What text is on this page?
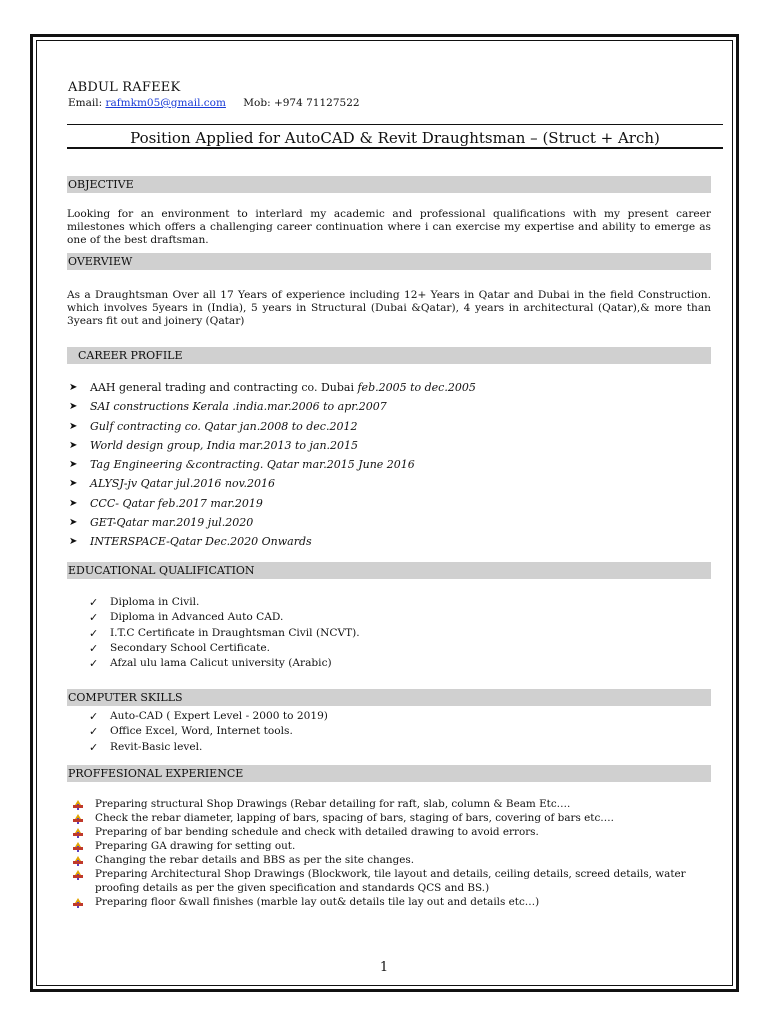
ABDUL RAFEEK
Email: rafmkm05@gmail.com Mob: +974 71127522
Position Applied for AutoCAD & Revit Draughtsman – (Struct + Arch)
OBJECTIVE
Looking for an environment to interlard my academic and professional qualifications with my present career milestones which offers a challenging career continuation where i can exercise my expertise and ability to emerge as one of the best draftsman.
OVERVIEW
As a Draughtsman Over all 17 Years of experience including 12+ Years in Qatar and Dubai in the field Construction. which involves 5years in (India), 5 years in Structural (Dubai &Qatar), 4 years in architectural (Qatar),& more than 3years fit out and joinery (Qatar)
CAREER PROFILE
➤ AAH general trading and contracting co. Dubai feb.2005 to dec.2005
➤ SAI constructions Kerala .india.mar.2006 to apr.2007
➤ Gulf contracting co. Qatar jan.2008 to dec.2012
➤ World design group, India mar.2013 to jan.2015
➤ Tag Engineering &contracting. Qatar mar.2015 June 2016
➤ ALYSJ-jv Qatar jul.2016 nov.2016
➤ CCC- Qatar feb.2017 mar.2019
➤ GET-Qatar mar.2019 jul.2020
➤ INTERSPACE-Qatar Dec.2020 Onwards
EDUCATIONAL QUALIFICATION
✓ Diploma in Civil.
✓ Diploma in Advanced Auto CAD.
✓ I.T.C Certificate in Draughtsman Civil (NCVT).
✓ Secondary School Certificate.
✓ Afzal ulu lama Calicut university (Arabic)
COMPUTER SKILLS
✓ Auto-CAD ( Expert Level - 2000 to 2019)
✓ Office Excel, Word, Internet tools.
✓ Revit-Basic level.
PROFFESIONAL EXPERIENCE
Preparing structural Shop Drawings (Rebar detailing for raft, slab, column & Beam Etc….
Check the rebar diameter, lapping of bars, spacing of bars, staging of bars, covering of bars etc….
Preparing of bar bending schedule and check with detailed drawing to avoid errors.
Preparing GA drawing for setting out.
Changing the rebar details and BBS as per the site changes.
Preparing Architectural Shop Drawings (Blockwork, tile layout and details, ceiling details, screed details, water proofing details as per the given specification and standards QCS and BS.)
Preparing floor &wall finishes (marble lay out& details tile lay out and details etc…)
1
